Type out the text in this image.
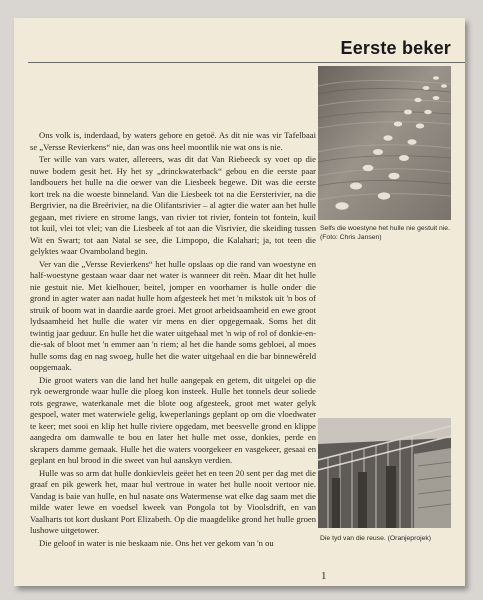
Eerste beker

Ons volk is, inderdaad, by waters gebore en getoë. As dit nie was vir Tafelbaai se „Versse Revierkens“ nie, dan was ons heel moontlik nie wat ons is nie.

Ter wille van vars water, allereers, was dit dat Van Riebeeck sy voet op die nuwe bodem gesit het. Hy het sy „drinckwaterback“ gebou en die eerste paar landbouers het hulle na die oewer van die Liesbeek begewe. Dit was die eerste kort trek na die woeste binneland. Van die Liesbeek tot na die Eersterivier, na die Bergrivier, na die Breërivier, na die Olifantsrivier – al agter die water aan het hulle gegaan, met riviere en strome langs, van rivier tot rivier, fontein tot fontein, kuil tot kuil, vlei tot vlei; van die Liesbeek af tot aan die Visrivier, die skeiding tussen Wit en Swart; tot aan Natal se see, die Limpopo, die Kalahari; ja, tot teen die gelyktes waar Ovamboland begin.

Ver van die „Versse Revierkens“ het hulle opslaas op die rand van woestyne en half-woestyne gestaan waar daar net water is wanneer dit reën. Maar dit het hulle nie gestuit nie. Met kielhouer, beitel, jomper en voorhamer is hulle onder die grond in agter water aan nadat hulle hom afgesteek het met 'n mikstok uit 'n bos of struik of boom wat in daardie aarde groei. Met groot arbeidsaamheid en ewe groot lydsaamheid het hulle die water vir mens en dier opgegemaak. Soms het dit twintig jaar geduur. En hulle het die water uitgehaal met 'n wip of rol of donkie-en-die-sak of bloot met 'n emmer aan 'n riem; al het die hande soms gebloei, al moes hulle soms dag en nag swoeg, hulle het die water uitgehaal en die bar binnewêreld oopgemaak.

Die groot waters van die land het hulle aangepak en getem, dit uitgelei op die ryk oewergronde waar hulle die ploeg kon insteek. Hulle het tonnels deur soliede rots gegrawe, waterkanale met die blote oog afgesteek, groot met water gelyk gespoel, water met waterwiele gelig, kweperlanings geplant op om die vloedwater te keer; met sooi en klip het hulle riviere opgedam, met beesvelle grond en klippe aangedra om damwalle te bou en later het hulle met osse, donkies, perde en skrapers damme gemaak. Hulle het die waters voorgekeer en vasgekeer, gesaai en geplant en hul brood in die sweet van hul aanskyn verdien.

Hulle was so arm dat hulle donkievleis geëet het en teen 20 sent per dag met die graaf en pik gewerk het, maar hul vertroue in water het hulle nooit vertoor nie. Vandag is baie van hulle, en hul nasate ons Watermense wat elke dag saam met die milde water lewe en voedsel kweek van Pongola tot by Vioolsdrift, en van Vaalharts tot kort duskant Port Elizabeth. Op die maagdelike grond het hulle groen lushowe uitgetower.

Die geloof in water is nie beskaam nie. Ons het ver gekom van 'n ou

Selfs die woestyne het hulle nie gestuit nie.
(Foto: Chris Jansen)
Die tyd van die reuse. (Oranjeprojek)
1
